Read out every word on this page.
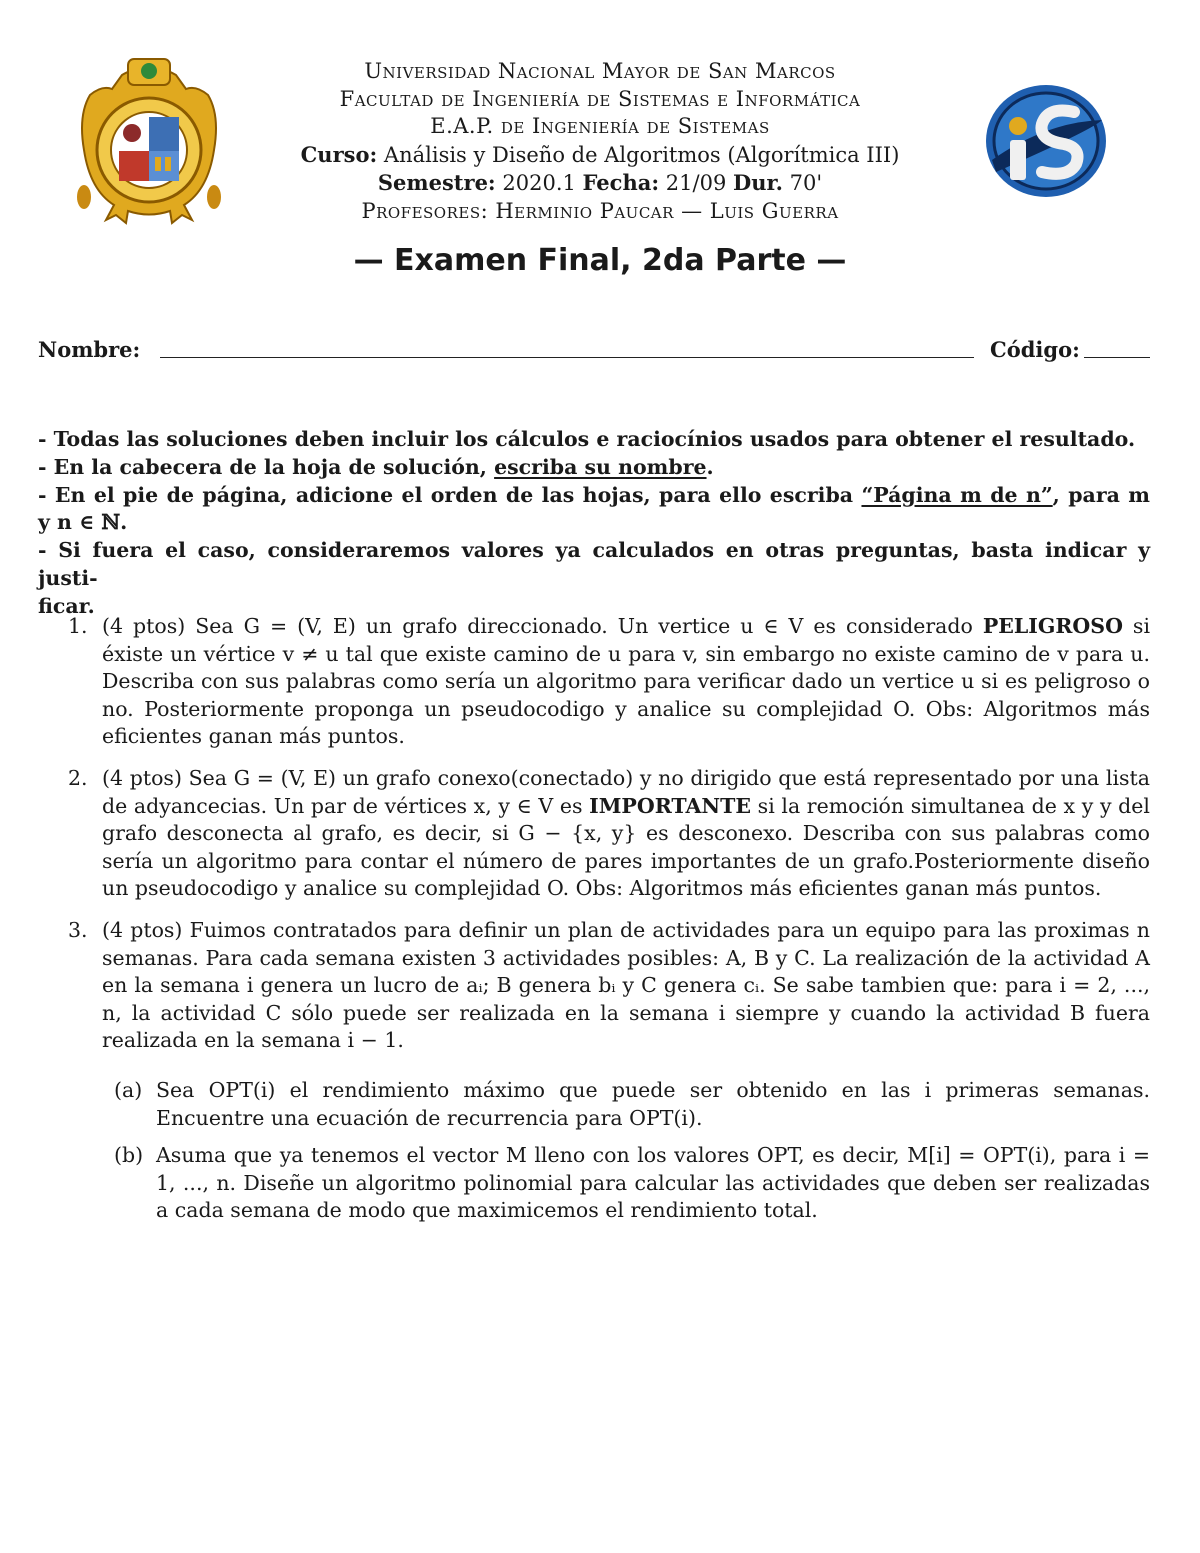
Universidad Nacional Mayor de San Marcos
Facultad de Ingeniería de Sistemas e Informática
E.A.P. de Ingeniería de Sistemas
Curso: Análisis y Diseño de Algoritmos (Algorítmica III)
Semestre: 2020.1 Fecha: 21/09 Dur. 70'
Profesores: Herminio Paucar — Luis Guerra
— Examen Final, 2da Parte —
Nombre:	Código:
- Todas las soluciones deben incluir los cálculos e raciocínios usados para obtener el resultado.
- En la cabecera de la hoja de solución, escriba su nombre.
- En el pie de página, adicione el orden de las hojas, para ello escriba “Página m de n”, para m
y n ∈ ℕ.
- Si fuera el caso, consideraremos valores ya calculados en otras preguntas, basta indicar y justi-
ficar.
1. (4 ptos) Sea G = (V, E) un grafo direccionado. Un vertice u ∈ V es considerado PELIGROSO si éxiste un vértice v ≠ u tal que existe camino de u para v, sin embargo no existe camino de v para u. Describa con sus palabras como sería un algoritmo para verificar dado un vertice u si es peligroso o no. Posteriormente proponga un pseudocodigo y analice su complejidad O. Obs: Algoritmos más eficientes ganan más puntos.
2. (4 ptos) Sea G = (V, E) un grafo conexo(conectado) y no dirigido que está representado por una lista de adyancecias. Un par de vértices x, y ∈ V es IMPORTANTE si la remoción simultanea de x y y del grafo desconecta al grafo, es decir, si G − {x, y} es desconexo. Describa con sus palabras como sería un algoritmo para contar el número de pares importantes de un grafo.Posteriormente diseño un pseudocodigo y analice su complejidad O. Obs: Algoritmos más eficientes ganan más puntos.
3. (4 ptos) Fuimos contratados para definir un plan de actividades para un equipo para las proximas n semanas. Para cada semana existen 3 actividades posibles: A, B y C. La realización de la actividad A en la semana i genera un lucro de aᵢ; B genera bᵢ y C genera cᵢ. Se sabe tambien que: para i = 2, ..., n, la actividad C sólo puede ser realizada en la semana i siempre y cuando la actividad B fuera realizada en la semana i − 1.
(a) Sea OPT(i) el rendimiento máximo que puede ser obtenido en las i primeras semanas. Encuentre una ecuación de recurrencia para OPT(i).
(b) Asuma que ya tenemos el vector M lleno con los valores OPT, es decir, M[i] = OPT(i), para i = 1, ..., n. Diseñe un algoritmo polinomial para calcular las actividades que deben ser realizadas a cada semana de modo que maximicemos el rendimiento total.
